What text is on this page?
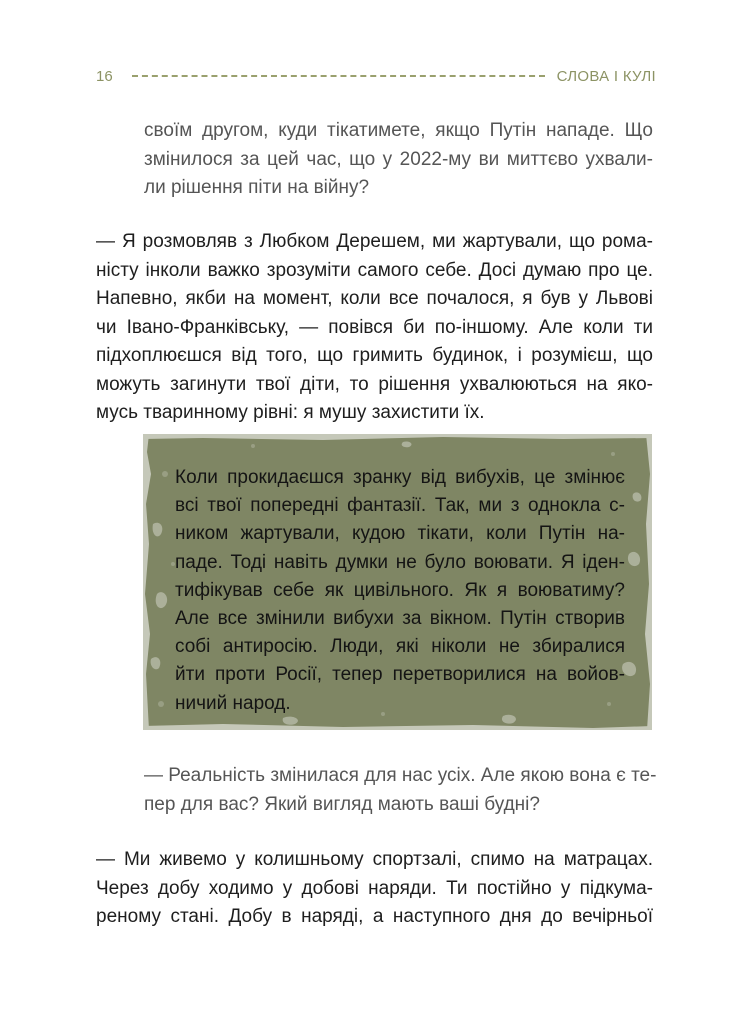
16	СЛОВА І КУЛІ
своїм другом, куди тікатимете, якщо Путін нападе. Що
змінилося за цей час, що у 2022-му ви миттєво ухвали-
ли рішення піти на війну?
— Я розмовляв з Любком Дерешем, ми жартували, що рома-
ністу інколи важко зрозуміти самого себе. Досі думаю про це.
Напевно, якби на момент, коли все почалося, я був у Львові
чи Івано-Франківську, — повівся би по-іншому. Але коли ти
підхоплюєшся від того, що гримить будинок, і розумієш, що
можуть загинути твої діти, то рішення ухвалюються на яко-
мусь тваринному рівні: я мушу захистити їх.
Коли прокидаєшся зранку від вибухів, це змінює
всі твої попередні фантазії. Так, ми з однокла с-
ником жартували, кудою тікати, коли Путін на-
паде. Тоді навіть думки не було воювати. Я іден-
тифікував себе як цивільного. Як я воюватиму?
Але все змінили вибухи за вікном. Путін створив
собі антиросію. Люди, які ніколи не збиралися
йти проти Росії, тепер перетворилися на войов-
ничий народ.
— Реальність змінилася для нас усіх. Але якою вона є те-
пер для вас? Який вигляд мають ваші будні?
— Ми живемо у колишньому спортзалі, спимо на матрацах.
Через добу ходимо у добові наряди. Ти постійно у підкума-
реному стані. Добу в наряді, а наступного дня до вечірньої
